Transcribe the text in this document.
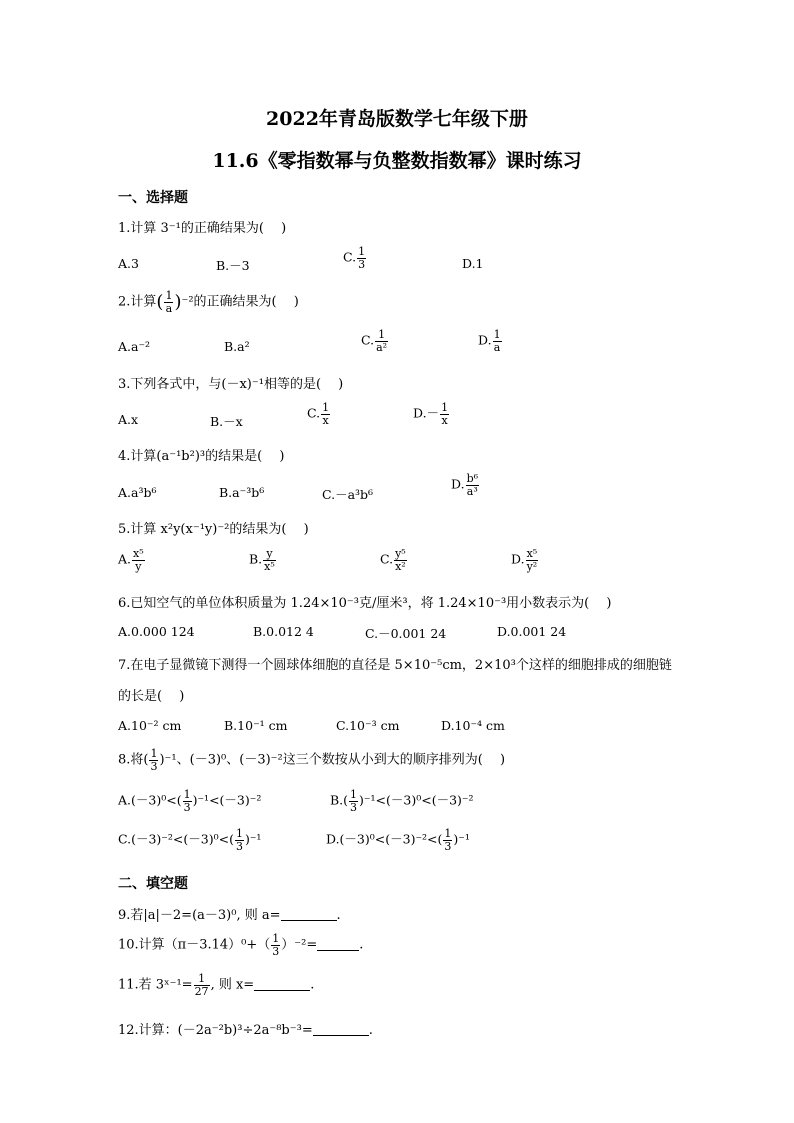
2022年青岛版数学七年级下册
11.6《零指数幂与负整数指数幂》课时练习
一、选择题
1.计算 3⁻¹的正确结果为(　 )
A.3	B.－3
C. $\frac{1}{3}$	D.1
2.计算( $\frac{1}{a} )^{-2}$的正确结果为(　 )
A.a⁻²	B.a²	C. $\frac{1}{\text{a²}}$	D. $\frac{1}{a}$
3.下列各式中，与(－x)⁻¹相等的是(　 )
A.x	B.－x
C. $\frac{1}{x}$	$D.- \frac{1}{x}$
4.计算(a⁻¹b²)³的结果是(　 )
A.a³b⁶	B.a⁻³b⁶	C.－a³b⁶
D. $\frac{\text{b⁶}}{\text{a³}}$
5.计算 x²y(x⁻¹y)⁻²的结果为(　 )
A. $\frac{\text{x⁵}}{y}$	B. $\frac{y}{\text{x⁵}}$	C. $\frac{\text{y⁵}}{\text{x²}}$	D. $\frac{\text{x⁵}}{\text{y²}}$
6.已知空气的单位体积质量为 1.24×10⁻³克/厘米³，将 1.24×10⁻³用小数表示为(　 )
A.0.000 124	B.0.012 4	C.－0.001 24	D.0.001 24
7.在电子显微镜下测得一个圆球体细胞的直径是 5×10⁻⁵cm，2×10³个这样的细胞排成的细胞链
的长是(　 )
A.10⁻² cm	B.10⁻¹ cm	C.10⁻³ cm	D.10⁻⁴ cm
8.将( $\frac{1}{3} )^{-1}$、(－3)⁰、(－3)⁻²这三个数按从小到大的顺序排列为(　 )
$A.(-3)^0<( \frac{1}{3} )^{-1}<(-3)^{-2}$	$B.( \frac{1}{3} )^{-1}<(-3)^0<(-3)^{-2}$
$C.(-3)^{-2}<(-3)^0<( \frac{1}{3} )^{-1}$	$D.(-3)^0<(-3)^{-2}<( \frac{1}{3} )^{-1}$
二、填空题
9.若|a|－2=(a－3)⁰, 则 a=	.
10.计算$(\pi-3.14)^0+( \frac{1}{3} )^{-2}=$	.
11.若 3ˣ⁻¹= $\frac{1}{27}$ , 则 x=	.
12.计算：(－2a⁻²b)³÷2a⁻⁸b⁻³=	.
